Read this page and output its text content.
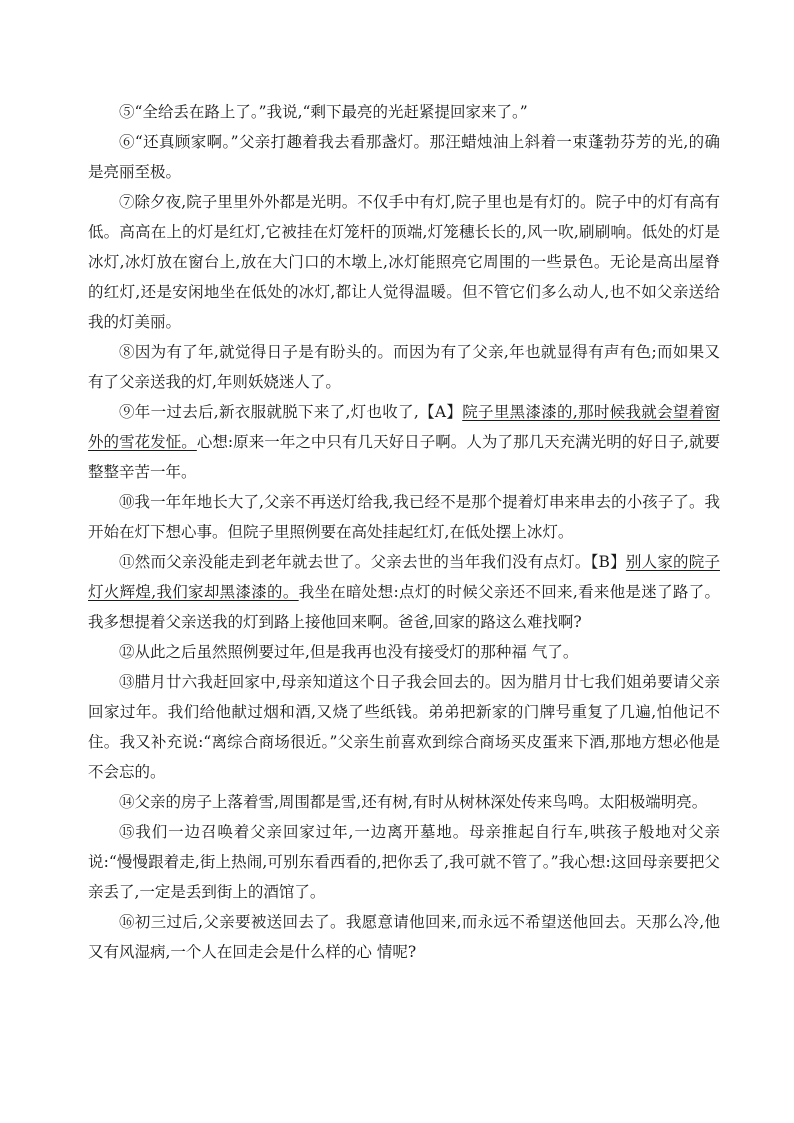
⑤“全给丢在路上了。”我说,“剩下最亮的光赶紧提回家来了。”

⑥“还真顾家啊。”父亲打趣着我去看那盏灯。那汪蜡烛油上斜着一束蓬勃芬芳的光,的确是亮丽至极。

⑦除夕夜,院子里里外外都是光明。不仅手中有灯,院子里也是有灯的。院子中的灯有高有低。高高在上的灯是红灯,它被挂在灯笼杆的顶端,灯笼穗长长的,风一吹,刷刷响。低处的灯是冰灯,冰灯放在窗台上,放在大门口的木墩上,冰灯能照亮它周围的一些景色。无论是高出屋脊的红灯,还是安闲地坐在低处的冰灯,都让人觉得温暖。但不管它们多么动人,也不如父亲送给我的灯美丽。

⑧因为有了年,就觉得日子是有盼头的。而因为有了父亲,年也就显得有声有色;而如果又有了父亲送我的灯,年则妖娆迷人了。

⑨年一过去后,新衣服就脱下来了,灯也收了,【A】院子里黑漆漆的,那时候我就会望着窗外的雪花发怔。心想:原来一年之中只有几天好日子啊。人为了那几天充满光明的好日子,就要整整辛苦一年。

⑩我一年年地长大了,父亲不再送灯给我,我已经不是那个提着灯串来串去的小孩子了。我开始在灯下想心事。但院子里照例要在高处挂起红灯,在低处摆上冰灯。

⑪然而父亲没能走到老年就去世了。父亲去世的当年我们没有点灯。【B】别人家的院子灯火辉煌,我们家却黑漆漆的。我坐在暗处想:点灯的时候父亲还不回来,看来他是迷了路了。我多想提着父亲送我的灯到路上接他回来啊。爸爸,回家的路这么难找啊?

⑫从此之后虽然照例要过年,但是我再也没有接受灯的那种福 气了。

⑬腊月廿六我赶回家中,母亲知道这个日子我会回去的。因为腊月廿七我们姐弟要请父亲回家过年。我们给他献过烟和酒,又烧了些纸钱。弟弟把新家的门牌号重复了几遍,怕他记不住。我又补充说:“离综合商场很近。”父亲生前喜欢到综合商场买皮蛋来下酒,那地方想必他是不会忘的。

⑭父亲的房子上落着雪,周围都是雪,还有树,有时从树林深处传来鸟鸣。太阳极端明亮。

⑮我们一边召唤着父亲回家过年,一边离开墓地。母亲推起自行车,哄孩子般地对父亲说:“慢慢跟着走,街上热闹,可别东看西看的,把你丢了,我可就不管了。”我心想:这回母亲要把父亲丢了,一定是丢到街上的酒馆了。

⑯初三过后,父亲要被送回去了。我愿意请他回来,而永远不希望送他回去。天那么冷,他又有风湿病,一个人在回走会是什么样的心 情呢?
